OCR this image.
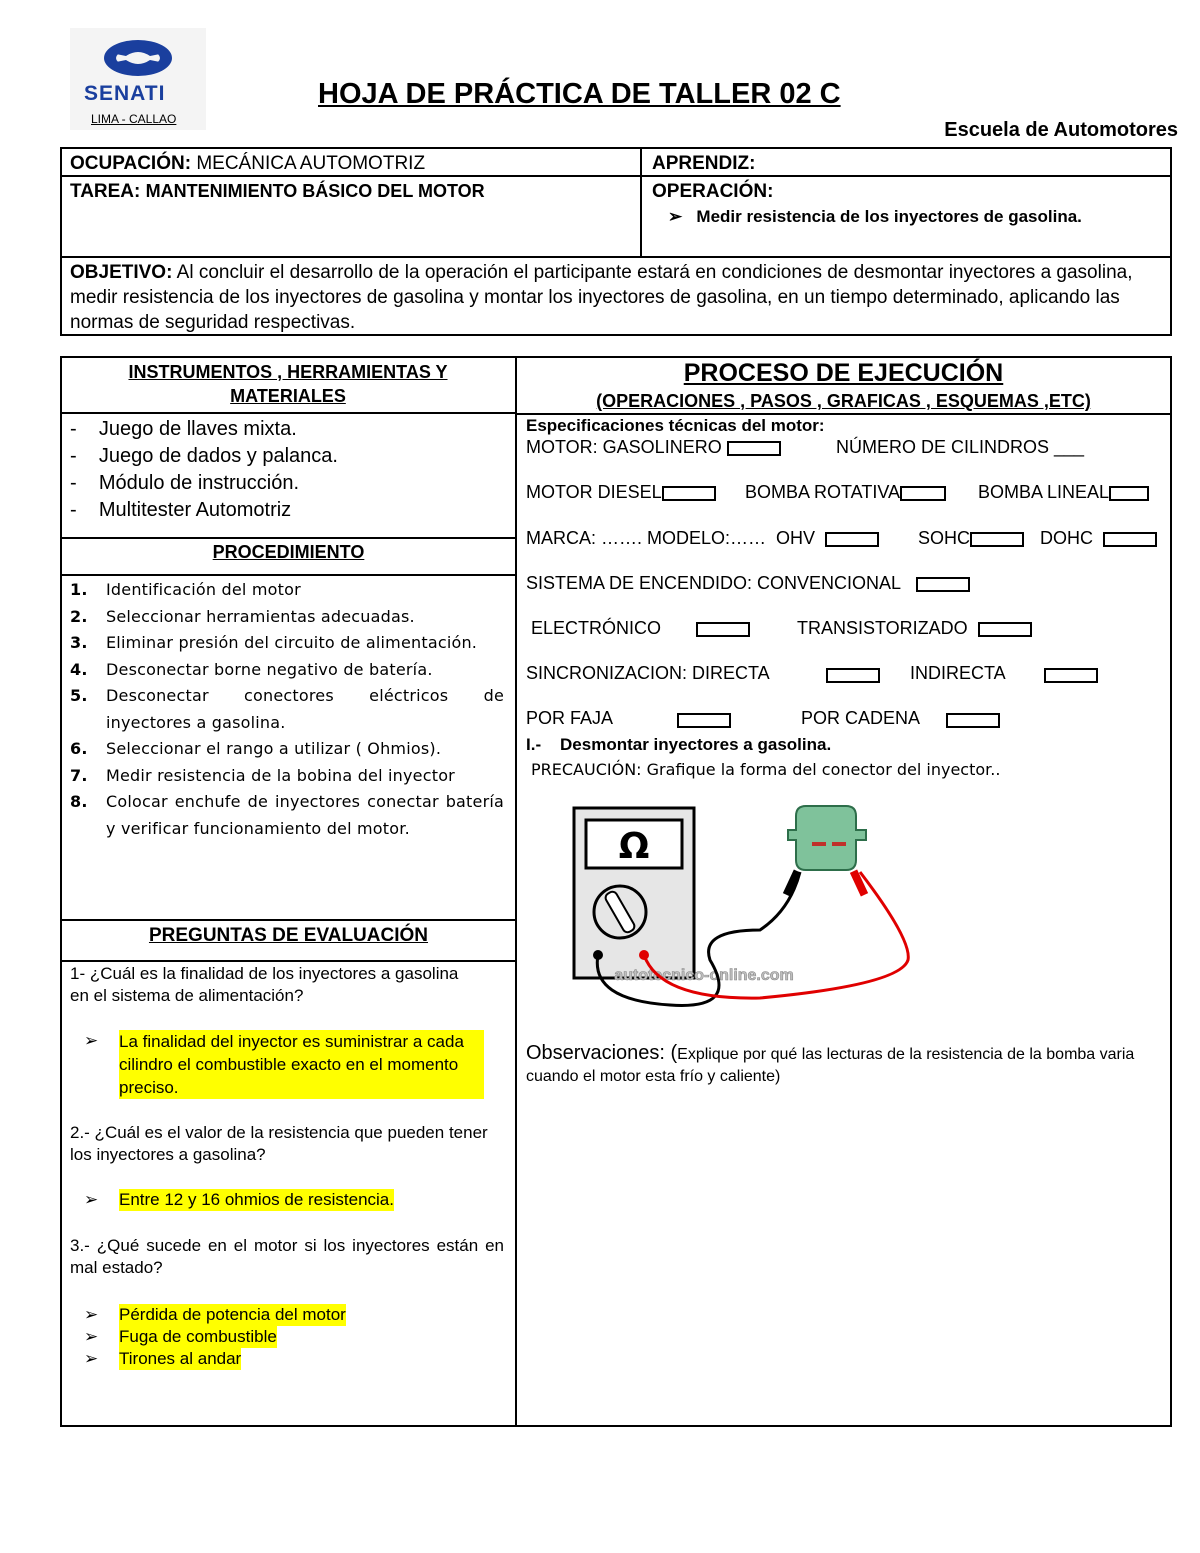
SENATI
LIMA - CALLAO
HOJA DE PRÁCTICA DE TALLER 02 C
Escuela de Automotores
OCUPACIÓN: MECÁNICA AUTOMOTRIZ	APRENDIZ:
TAREA: MANTENIMIENTO BÁSICO DEL MOTOR	OPERACIÓN:
➢ Medir resistencia de los inyectores de gasolina.
OBJETIVO: Al concluir el desarrollo de la operación el participante estará en condiciones de desmontar inyectores a gasolina, medir resistencia de los inyectores de gasolina y montar los inyectores de gasolina, en un tiempo determinado, aplicando las normas de seguridad respectivas.
INSTRUMENTOS , HERRAMIENTAS Y MATERIALES
-    Juego de llaves mixta.
-    Juego de dados y palanca.
-    Módulo de instrucción.
-    Multitester Automotriz
PROCEDIMIENTO
1.	Identificación del motor
2.	Seleccionar herramientas adecuadas.
3.	Eliminar presión del circuito de alimentación.
4.	Desconectar borne negativo de batería.
5.	Desconectar conectores eléctricos de inyectores a gasolina.
6.	Seleccionar el rango a utilizar ( Ohmios).
7.	Medir resistencia de la bobina del inyector
8.	Colocar enchufe de inyectores conectar batería y verificar funcionamiento del motor.
PREGUNTAS DE EVALUACIÓN
1- ¿Cuál es la finalidad de los inyectores a gasolina en el sistema de alimentación?
➢	La finalidad del inyector es suministrar a cada cilindro el combustible exacto en el momento preciso.
2.- ¿Cuál es el valor de la resistencia que pueden tener los inyectores a gasolina?
➢	Entre 12 y 16 ohmios de resistencia.
3.- ¿Qué sucede en el motor si los inyectores están en mal estado?
➢	Pérdida de potencia del motor
➢	Fuga de combustible
➢	Tirones al andar
PROCESO DE EJECUCIÓN
(OPERACIONES , PASOS , GRAFICAS , ESQUEMAS ,ETC)
Especificaciones técnicas del motor:
MOTOR: GASOLINERO	NÚMERO DE CILINDROS ___
MOTOR DIESEL	BOMBA ROTATIVA	BOMBA LINEAL
MARCA: ……. MODELO:…… OHV	SOHC	DOHC
SISTEMA DE ENCENDIDO: CONVENCIONAL
ELECTRÓNICO	TRANSISTORIZADO
SINCRONIZACION: DIRECTA	INDIRECTA
POR FAJA	POR CADENA
I.- Desmontar inyectores a gasolina.
PRECAUCIÓN: Grafique la forma del conector del inyector..
Ω
autotecnico-online.com
Observaciones: (Explique por qué las lecturas de la resistencia de la bomba varia cuando el motor esta frío y caliente)
